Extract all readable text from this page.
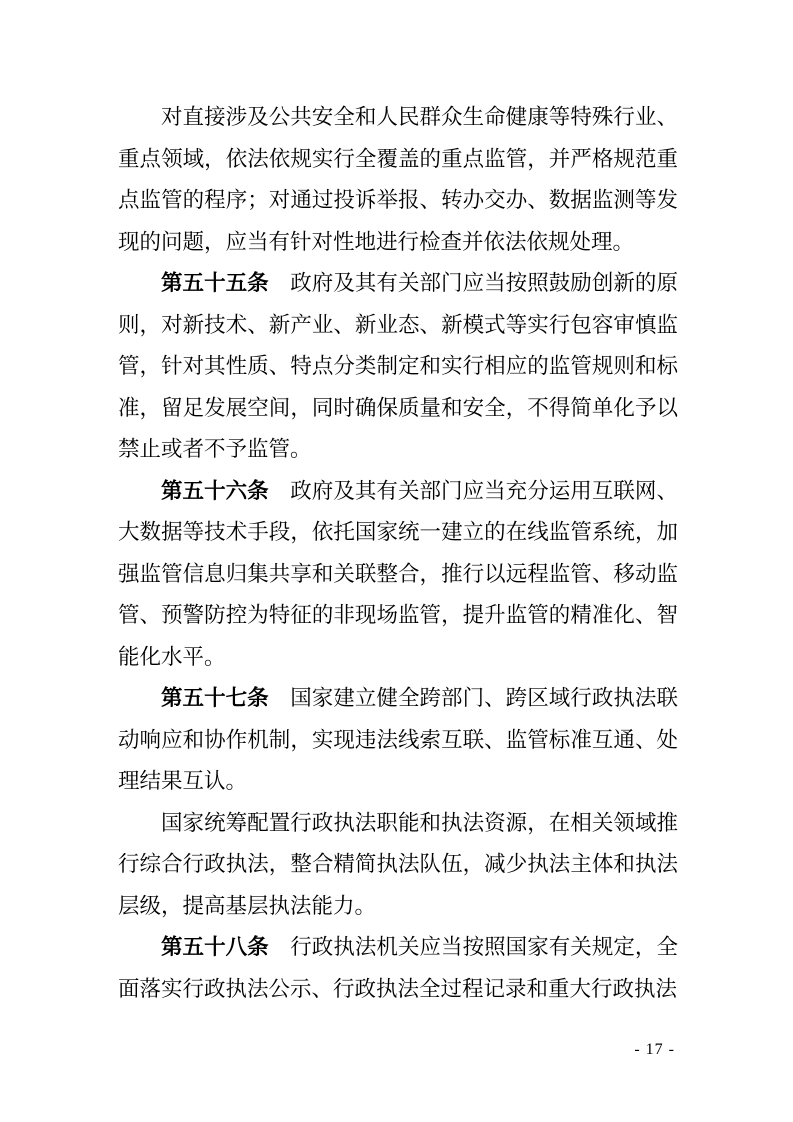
对直接涉及公共安全和人民群众生命健康等特殊行业、重点领域，依法依规实行全覆盖的重点监管，并严格规范重点监管的程序；对通过投诉举报、转办交办、数据监测等发现的问题，应当有针对性地进行检查并依法依规处理。

第五十五条　政府及其有关部门应当按照鼓励创新的原则，对新技术、新产业、新业态、新模式等实行包容审慎监管，针对其性质、特点分类制定和实行相应的监管规则和标准，留足发展空间，同时确保质量和安全，不得简单化予以禁止或者不予监管。

第五十六条　政府及其有关部门应当充分运用互联网、大数据等技术手段，依托国家统一建立的在线监管系统，加强监管信息归集共享和关联整合，推行以远程监管、移动监管、预警防控为特征的非现场监管，提升监管的精准化、智能化水平。

第五十七条　国家建立健全跨部门、跨区域行政执法联动响应和协作机制，实现违法线索互联、监管标准互通、处理结果互认。

国家统筹配置行政执法职能和执法资源，在相关领域推行综合行政执法，整合精简执法队伍，减少执法主体和执法层级，提高基层执法能力。

第五十八条　行政执法机关应当按照国家有关规定，全面落实行政执法公示、行政执法全过程记录和重大行政执法

- 17 -
